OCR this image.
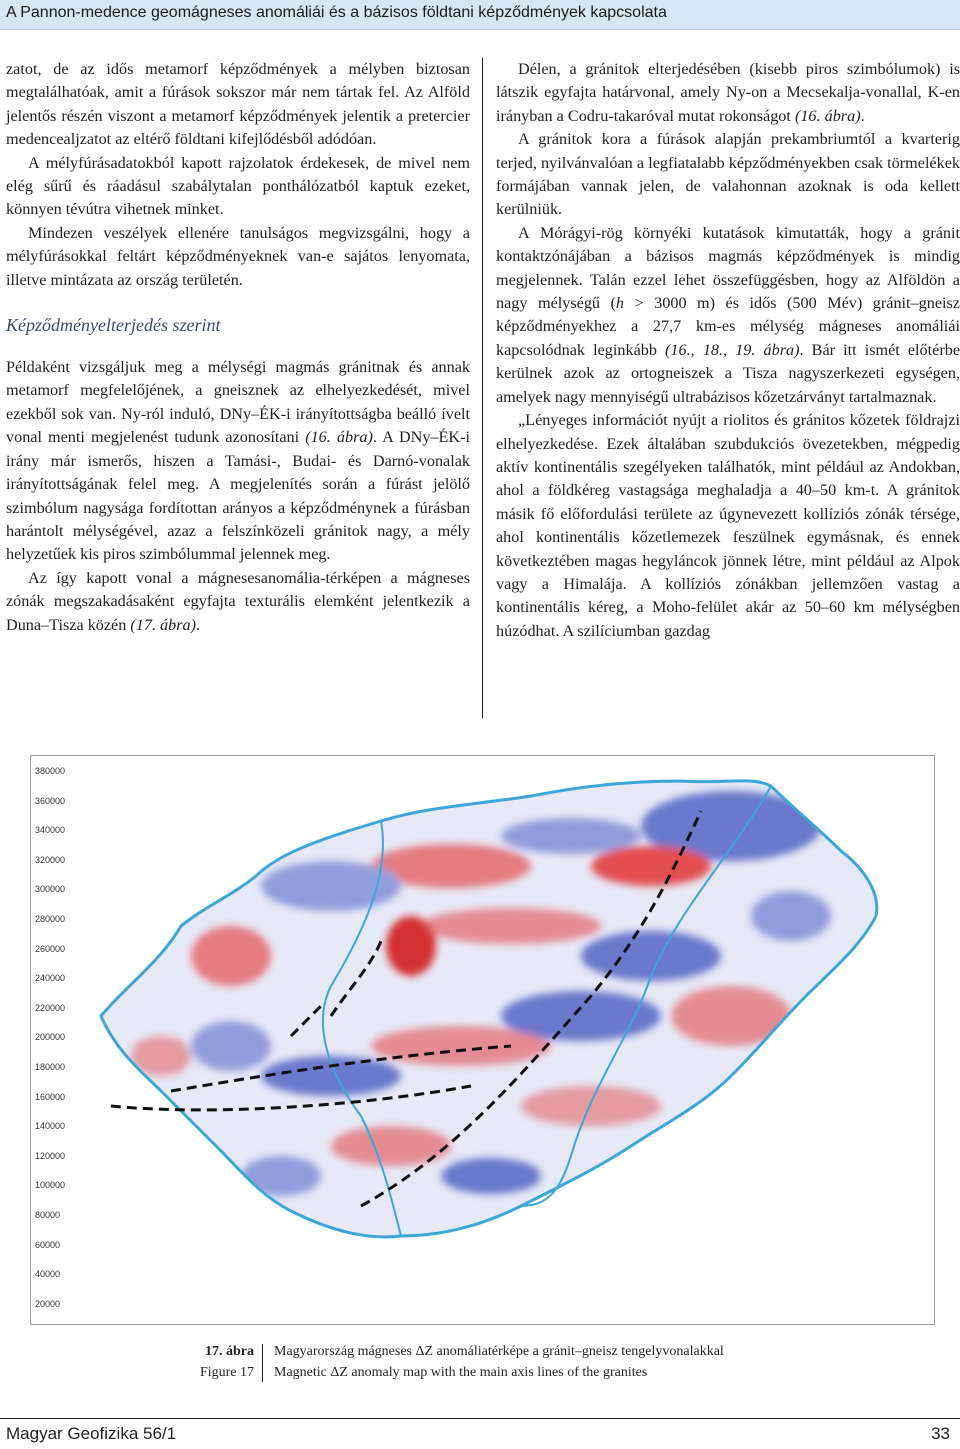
A Pannon-medence geomágneses anomáliái és a bázisos földtani képződmények kapcsolata

zatot, de az idős metamorf képződmények a mélyben biztosan megtalálhatóak, amit a fúrások sokszor már nem tártak fel. Az Alföld jelentős részén viszont a metamorf képződmények jelentik a pretercier medencealjzatot az eltérő földtani kifejlődésből adódóan.

A mélyfúrásadatokból kapott rajzolatok érdekesek, de mivel nem elég sűrű és ráadásul szabálytalan ponthálózatból kaptuk ezeket, könnyen tévútra vihetnek minket.

Mindezen veszélyek ellenére tanulságos megvizsgálni, hogy a mélyfúrásokkal feltárt képződményeknek van-e sajátos lenyomata, illetve mintázata az ország területén.

Képződményelterjedés szerint

Példaként vizsgáljuk meg a mélységi magmás gránitnak és annak metamorf megfelelőjének, a gneisznek az elhelyezkedését, mivel ezekből sok van. Ny-ról induló, DNy–ÉK-i irányítottságba beálló ívelt vonal menti megjelenést tudunk azonosítani (16. ábra). A DNy–ÉK-i irány már ismerős, hiszen a Tamási-, Budai- és Darnó-vonalak irányítottságának felel meg. A megjelenítés során a fúrást jelölő szimbólum nagysága fordítottan arányos a képződménynek a fúrásban harántolt mélységével, azaz a felszínközeli gránitok nagy, a mély helyzetűek kis piros szimbólummal jelennek meg.

Az így kapott vonal a mágnesesanomália-térképen a mágneses zónák megszakadásaként egyfajta texturális elemként jelentkezik a Duna–Tisza közén (17. ábra).

Délen, a gránitok elterjedésében (kisebb piros szimbólumok) is látszik egyfajta határvonal, amely Ny-on a Mecsekalja-vonallal, K-en irányban a Codru-takaróval mutat rokonságot (16. ábra).

A gránitok kora a fúrások alapján prekambriumtól a kvarterig terjed, nyilvánvalóan a legfiatalabb képződményekben csak törmelékek formájában vannak jelen, de valahonnan azoknak is oda kellett kerülniük.

A Mórágyi-rög környéki kutatások kimutatták, hogy a gránit kontaktzónájában a bázisos magmás képződmények is mindig megjelennek. Talán ezzel lehet összefüggésben, hogy az Alföldön a nagy mélységű (h > 3000 m) és idős (500 Mév) gránit–gneisz képződményekhez a 27,7 km-es mélység mágneses anomáliái kapcsolódnak leginkább (16., 18., 19. ábra). Bár itt ismét előtérbe kerülnek azok az ortogneiszek a Tisza nagyszerkezeti egységen, amelyek nagy mennyiségű ultrabázisos kőzetzárványt tartalmaznak.

„Lényeges információt nyújt a riolitos és gránitos kőzetek földrajzi elhelyezkedése. Ezek általában szubdukciós övezetekben, mégpedig aktív kontinentális szegélyeken találhatók, mint például az Andokban, ahol a földkéreg vastagsága meghaladja a 40–50 km-t. A gránitok másik fő előfordulási területe az úgynevezett kollíziós zónák térsége, ahol kontinentális kőzetlemezek feszülnek egymásnak, és ennek következtében magas hegyláncok jönnek létre, mint például az Alpok vagy a Himalája. A kollíziós zónákban jellemzően vastag a kontinentális kéreg, a Moho-felület akár az 50–60 km mélységben húzódhat. A szilíciumban gazdag

380000
360000
340000
320000
300000
280000
260000
240000
220000
200000
180000
160000
140000
120000
100000
80000
60000
40000
20000
17. ábra
Figure 17
Magyarország mágneses ΔZ anomáliatérképe a gránit–gneisz tengelyvonalakkal
Magnetic ΔZ anomaly map with the main axis lines of the granites
Magyar Geofizika 56/1	33
